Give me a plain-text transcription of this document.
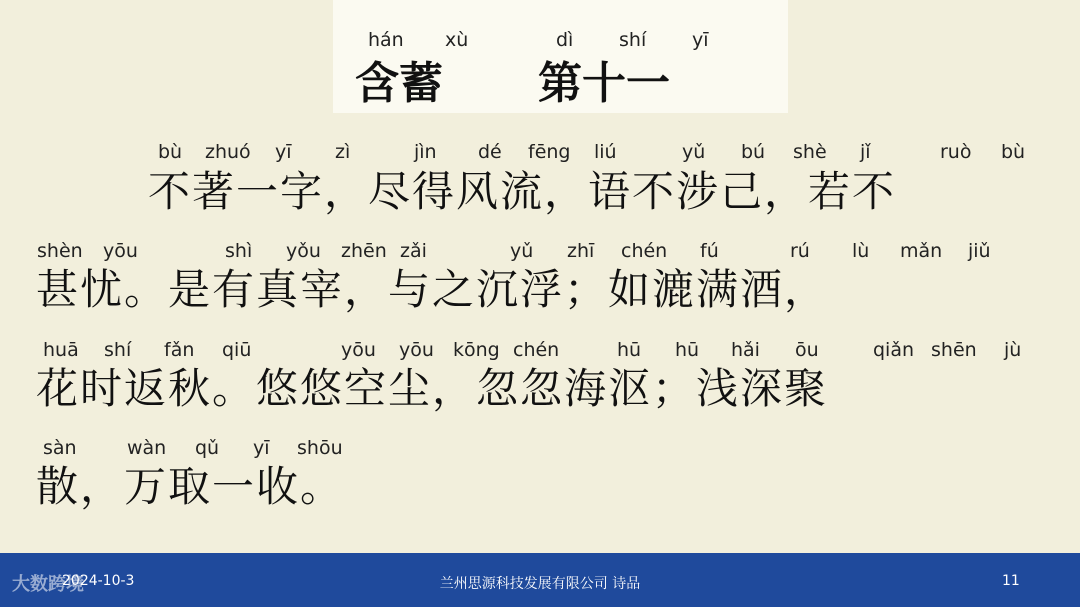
hán xù	dì shí yī
含蓄 第十一
bù zhuó yī zì	jìn dé fēng liú	yǔ bú shè jǐ	ruò bù
不著一字，尽得风流，语不涉己，若不
shèn yōu	shì yǒu zhēn zǎi	yǔ zhī chén fú	rú lù mǎn jiǔ
甚忧。是有真宰，与之沉浮；如漉满酒，
huā shí fǎn qiū	yōu yōu kōng chén	hū hū hǎi ōu	qiǎn shēn jù
花时返秋。悠悠空尘，忽忽海沤；浅深聚
sàn	wàn qǔ yī shōu
散，万取一收。
2024-10-3	兰州思源科技发展有限公司 诗品	11
大数跨境
